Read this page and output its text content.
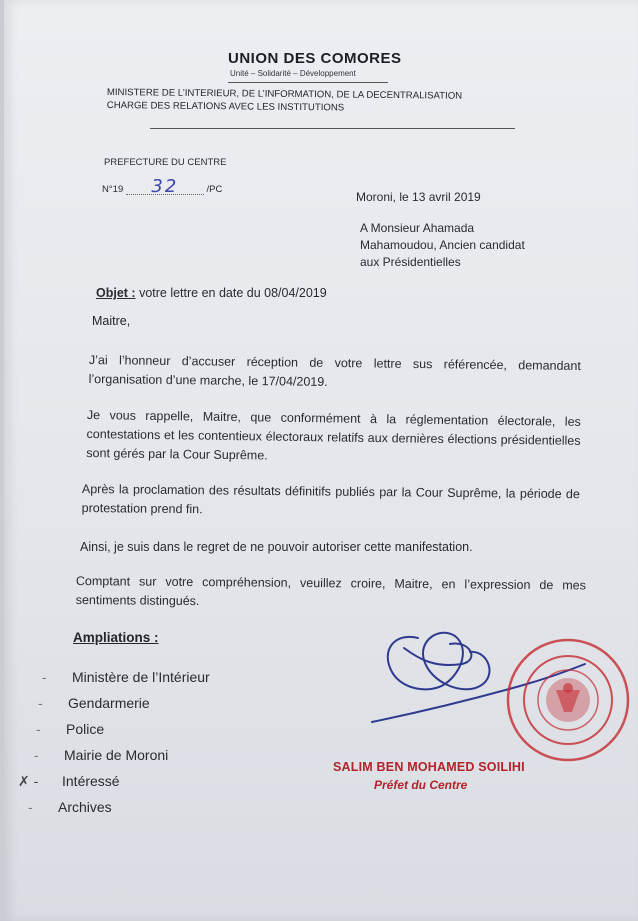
UNION DES COMORES
Unité – Solidarité – Développement
MINISTERE DE L’INTERIEUR, DE L’INFORMATION, DE LA DECENTRALISATION
CHARGE DES RELATIONS AVEC LES INSTITUTIONS
PREFECTURE DU CENTRE
N°19 32	/PC
Moroni, le 13 avril 2019
A Monsieur Ahamada
Mahamoudou, Ancien candidat
aux Présidentielles
Objet : votre lettre en date du 08/04/2019
Maitre,
J’ai l’honneur d’accuser réception de votre lettre sus référencée, demandant l’organisation d’une marche, le 17/04/2019.
Je vous rappelle, Maitre, que conformément à la réglementation électorale, les contestations et les contentieux électoraux relatifs aux dernières élections présidentielles sont gérés par la Cour Suprême.
Après la proclamation des résultats définitifs publiés par la Cour Suprême, la période de protestation prend fin.
Ainsi, je suis dans le regret de ne pouvoir autoriser cette manifestation.
Comptant sur votre compréhension, veuillez croire, Maitre, en l’expression de mes sentiments distingués.
Ampliations :
- Ministère de l’Intérieur
- Gendarmerie
- Police
- Mairie de Moroni
✗ - Intéressé
- Archives
SALIM BEN MOHAMED SOILIHI
Préfet du Centre
